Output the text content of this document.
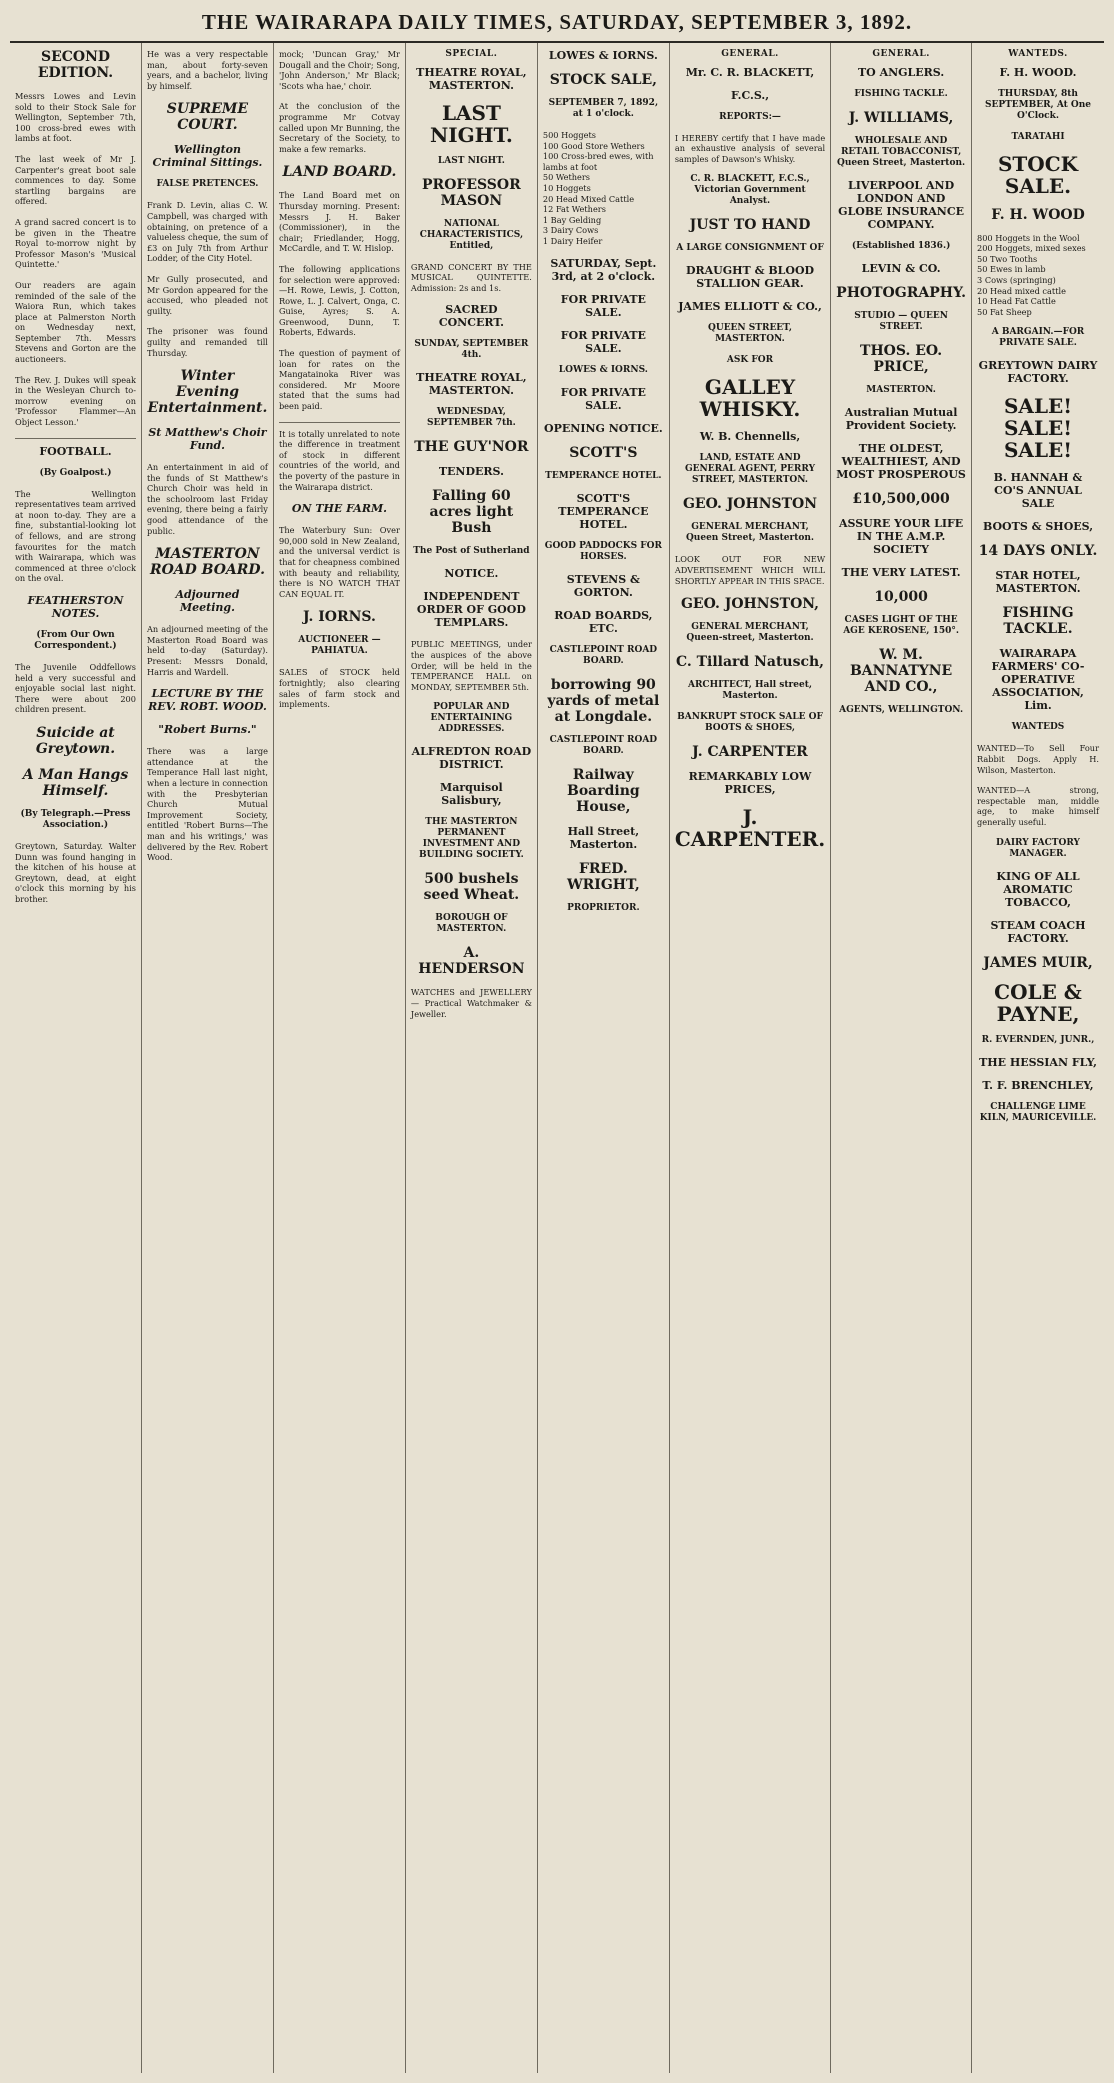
THE WAIRARAPA DAILY TIMES, SATURDAY, SEPTEMBER 3, 1892.
SECOND EDITION.
Messrs Lowes and Levin sold to their Stock Sale for Wellington, September 7th, 100 cross-bred ewes with lambs at foot.
The last week of Mr J. Carpenter's great boot sale commences to day. Some startling bargains are offered.
A grand sacred concert is to be given in the Theatre Royal to-morrow night by Professor Mason's 'Musical Quintette.'
Our readers are again reminded of the sale of the Waiora Run, which takes place at Palmerston North on Wednesday next, September 7th. Messrs Stevens and Gorton are the auctioneers.
The Rev. J. Dukes will speak in the Wesleyan Church to-morrow evening on 'Professor Flammer—An Object Lesson.'
FOOTBALL.
(By Goalpost.)
The Wellington representatives team arrived at noon to-day. They are a fine, substantial-looking lot of fellows, and are strong favourites for the match with Wairarapa, which was commenced at three o'clock on the oval.
FEATHERSTON NOTES.
(From Our Own Correspondent.)
The Juvenile Oddfellows held a very successful and enjoyable social last night. There were about 200 children present.
Suicide at Greytown.
A Man Hangs Himself.
(By Telegraph.—Press Association.)
Greytown, Saturday. Walter Dunn was found hanging in the kitchen of his house at Greytown, dead, at eight o'clock this morning by his brother.
He was a very respectable man, about forty-seven years, and a bachelor, living by himself.
SUPREME COURT.
Wellington Criminal Sittings.
FALSE PRETENCES.
Frank D. Levin, alias C. W. Campbell, was charged with obtaining, on pretence of a valueless cheque, the sum of £3 on July 7th from Arthur Lodder, of the City Hotel.
Mr Gully prosecuted, and Mr Gordon appeared for the accused, who pleaded not guilty.
The prisoner was found guilty and remanded till Thursday.
Winter Evening Entertainment.
St Matthew's Choir Fund.
An entertainment in aid of the funds of St Matthew's Church Choir was held in the schoolroom last Friday evening, there being a fairly good attendance of the public.
MASTERTON ROAD BOARD.
Adjourned Meeting.
An adjourned meeting of the Masterton Road Board was held to-day (Saturday). Present: Messrs Donald, Harris and Wardell.
LECTURE BY THE REV. ROBT. WOOD.
"Robert Burns."
There was a large attendance at the Temperance Hall last night, when a lecture in connection with the Presbyterian Church Mutual Improvement Society, entitled 'Robert Burns—The man and his writings,' was delivered by the Rev. Robert Wood.
mock; 'Duncan Gray,' Mr Dougall and the Choir; Song, 'John Anderson,' Mr Black; 'Scots wha hae,' choir.
At the conclusion of the programme Mr Cotvay called upon Mr Bunning, the Secretary of the Society, to make a few remarks.
LAND BOARD.
The Land Board met on Thursday morning. Present: Messrs J. H. Baker (Commissioner), in the chair; Friedlander, Hogg, McCardle, and T. W. Hislop.
The following applications for selection were approved: —H. Rowe, Lewis, J. Cotton, Rowe, L. J. Calvert, Onga, C. Guise, Ayres; S. A. Greenwood, Dunn, T. Roberts, Edwards.
The question of payment of loan for rates on the Mangatainoka River was considered. Mr Moore stated that the sums had been paid.
It is totally unrelated to note the difference in treatment of stock in different countries of the world, and the poverty of the pasture in the Wairarapa district.
ON THE FARM.
The Waterbury Sun: Over 90,000 sold in New Zealand, and the universal verdict is that for cheapness combined with beauty and reliability, there is NO WATCH THAT CAN EQUAL IT.
J. IORNS.
AUCTIONEER — PAHIATUA.
SALES of STOCK held fortnightly; also clearing sales of farm stock and implements.
SPECIAL.
THEATRE ROYAL, MASTERTON.
LAST NIGHT.
LAST NIGHT.
PROFESSOR MASON
NATIONAL CHARACTERISTICS, Entitled,
GRAND CONCERT BY THE MUSICAL QUINTETTE. Admission: 2s and 1s.
SACRED CONCERT.
SUNDAY, SEPTEMBER 4th.
THEATRE ROYAL, MASTERTON.
WEDNESDAY, SEPTEMBER 7th.
THE GUY'NOR
TENDERS.
Falling 60 acres light Bush
The Post of Sutherland
NOTICE.
INDEPENDENT ORDER OF GOOD TEMPLARS.
PUBLIC MEETINGS, under the auspices of the above Order, will be held in the TEMPERANCE HALL on MONDAY, SEPTEMBER 5th.
POPULAR AND ENTERTAINING ADDRESSES.
ALFREDTON ROAD DISTRICT.
Marquisol Salisbury,
THE MASTERTON PERMANENT INVESTMENT AND BUILDING SOCIETY.
500 bushels seed Wheat.
BOROUGH OF MASTERTON.
A. HENDERSON
WATCHES and JEWELLERY — Practical Watchmaker & Jeweller.
LOWES & IORNS.
STOCK SALE,
SEPTEMBER 7, 1892, at 1 o'clock.
500 Hoggets
100 Good Store Wethers
100 Cross-bred ewes, with lambs at foot
50 Wethers
10 Hoggets
20 Head Mixed Cattle
12 Fat Wethers
1 Bay Gelding
3 Dairy Cows
1 Dairy Heifer
SATURDAY, Sept. 3rd, at 2 o'clock.
FOR PRIVATE SALE.
FOR PRIVATE SALE.
LOWES & IORNS.
FOR PRIVATE SALE.
OPENING NOTICE.
SCOTT'S
TEMPERANCE HOTEL.
SCOTT'S TEMPERANCE HOTEL.
GOOD PADDOCKS FOR HORSES.
STEVENS & GORTON.
ROAD BOARDS, ETC.
CASTLEPOINT ROAD BOARD.
borrowing 90 yards of metal at Longdale.
CASTLEPOINT ROAD BOARD.
Railway Boarding House,
Hall Street, Masterton.
FRED. WRIGHT,
PROPRIETOR.
GENERAL.
Mr. C. R. BLACKETT,
F.C.S.,
REPORTS:—
I HEREBY certify that I have made an exhaustive analysis of several samples of Dawson's Whisky.
C. R. BLACKETT, F.C.S., Victorian Government Analyst.
JUST TO HAND
A LARGE CONSIGNMENT OF
DRAUGHT & BLOOD STALLION GEAR.
JAMES ELLIOTT & CO.,
QUEEN STREET, MASTERTON.
ASK FOR
GALLEY WHISKY.
W. B. Chennells,
LAND, ESTATE AND GENERAL AGENT, PERRY STREET, MASTERTON.
GEO. JOHNSTON
GENERAL MERCHANT, Queen Street, Masterton.
LOOK OUT FOR NEW ADVERTISEMENT WHICH WILL SHORTLY APPEAR IN THIS SPACE.
GEO. JOHNSTON,
GENERAL MERCHANT, Queen-street, Masterton.
C. Tillard Natusch,
ARCHITECT, Hall street, Masterton.
BANKRUPT STOCK SALE OF BOOTS & SHOES,
J. CARPENTER
REMARKABLY LOW PRICES,
J. CARPENTER.
GENERAL.
TO ANGLERS.
FISHING TACKLE.
J. WILLIAMS,
WHOLESALE AND RETAIL TOBACCONIST, Queen Street, Masterton.
LIVERPOOL AND LONDON AND GLOBE INSURANCE COMPANY.
(Established 1836.)
LEVIN & CO.
PHOTOGRAPHY.
STUDIO — QUEEN STREET.
THOS. EO. PRICE,
MASTERTON.
Australian Mutual Provident Society.
THE OLDEST, WEALTHIEST, AND MOST PROSPEROUS
£10,500,000
ASSURE YOUR LIFE IN THE A.M.P. SOCIETY
THE VERY LATEST.
10,000
CASES LIGHT OF THE AGE KEROSENE, 150°.
W. M. BANNATYNE AND CO.,
AGENTS, WELLINGTON.
WANTEDS.
F. H. WOOD.
THURSDAY, 8th SEPTEMBER, At One O'Clock.
TARATAHI
STOCK SALE.
F. H. WOOD
800 Hoggets in the Wool
200 Hoggets, mixed sexes
50 Two Tooths
50 Ewes in lamb
3 Cows (springing)
20 Head mixed cattle
10 Head Fat Cattle
50 Fat Sheep
A BARGAIN.—FOR PRIVATE SALE.
GREYTOWN DAIRY FACTORY.
SALE! SALE! SALE!
B. HANNAH & CO'S ANNUAL SALE
BOOTS & SHOES,
14 DAYS ONLY.
STAR HOTEL, MASTERTON.
FISHING TACKLE.
WAIRARAPA FARMERS' CO-OPERATIVE ASSOCIATION, Lim.
WANTEDS
WANTED—To Sell Four Rabbit Dogs. Apply H. Wilson, Masterton.
WANTED—A strong, respectable man, middle age, to make himself generally useful.
DAIRY FACTORY MANAGER.
KING OF ALL AROMATIC TOBACCO,
STEAM COACH FACTORY.
JAMES MUIR,
COLE & PAYNE,
R. EVERNDEN, JUNR.,
THE HESSIAN FLY,
T. F. BRENCHLEY,
CHALLENGE LIME KILN, MAURICEVILLE.
